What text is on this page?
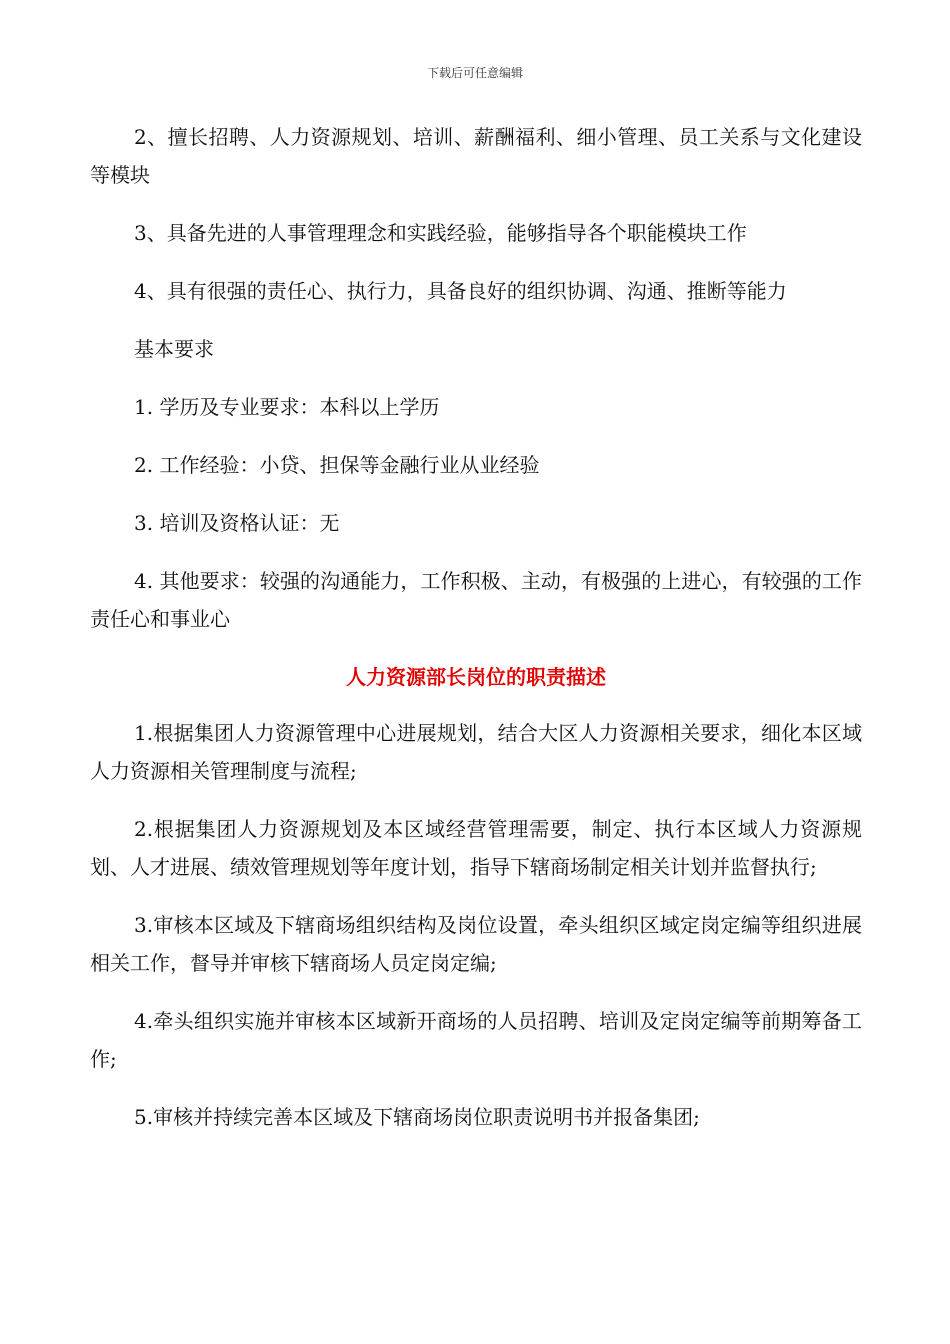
下载后可任意编辑

2、擅长招聘、人力资源规划、培训、薪酬福利、细小管理、员工关系与文化建设等模块

3、具备先进的人事管理理念和实践经验，能够指导各个职能模块工作

4、具有很强的责任心、执行力，具备良好的组织协调、沟通、推断等能力

基本要求

1. 学历及专业要求：本科以上学历

2. 工作经验：小贷、担保等金融行业从业经验

3. 培训及资格认证：无

4. 其他要求：较强的沟通能力，工作积极、主动，有极强的上进心，有较强的工作责任心和事业心

人力资源部长岗位的职责描述

1.根据集团人力资源管理中心进展规划，结合大区人力资源相关要求，细化本区域人力资源相关管理制度与流程;

2.根据集团人力资源规划及本区域经营管理需要，制定、执行本区域人力资源规划、人才进展、绩效管理规划等年度计划，指导下辖商场制定相关计划并监督执行;

3.审核本区域及下辖商场组织结构及岗位设置，牵头组织区域定岗定编等组织进展相关工作，督导并审核下辖商场人员定岗定编;

4.牵头组织实施并审核本区域新开商场的人员招聘、培训及定岗定编等前期筹备工作;

5.审核并持续完善本区域及下辖商场岗位职责说明书并报备集团;
